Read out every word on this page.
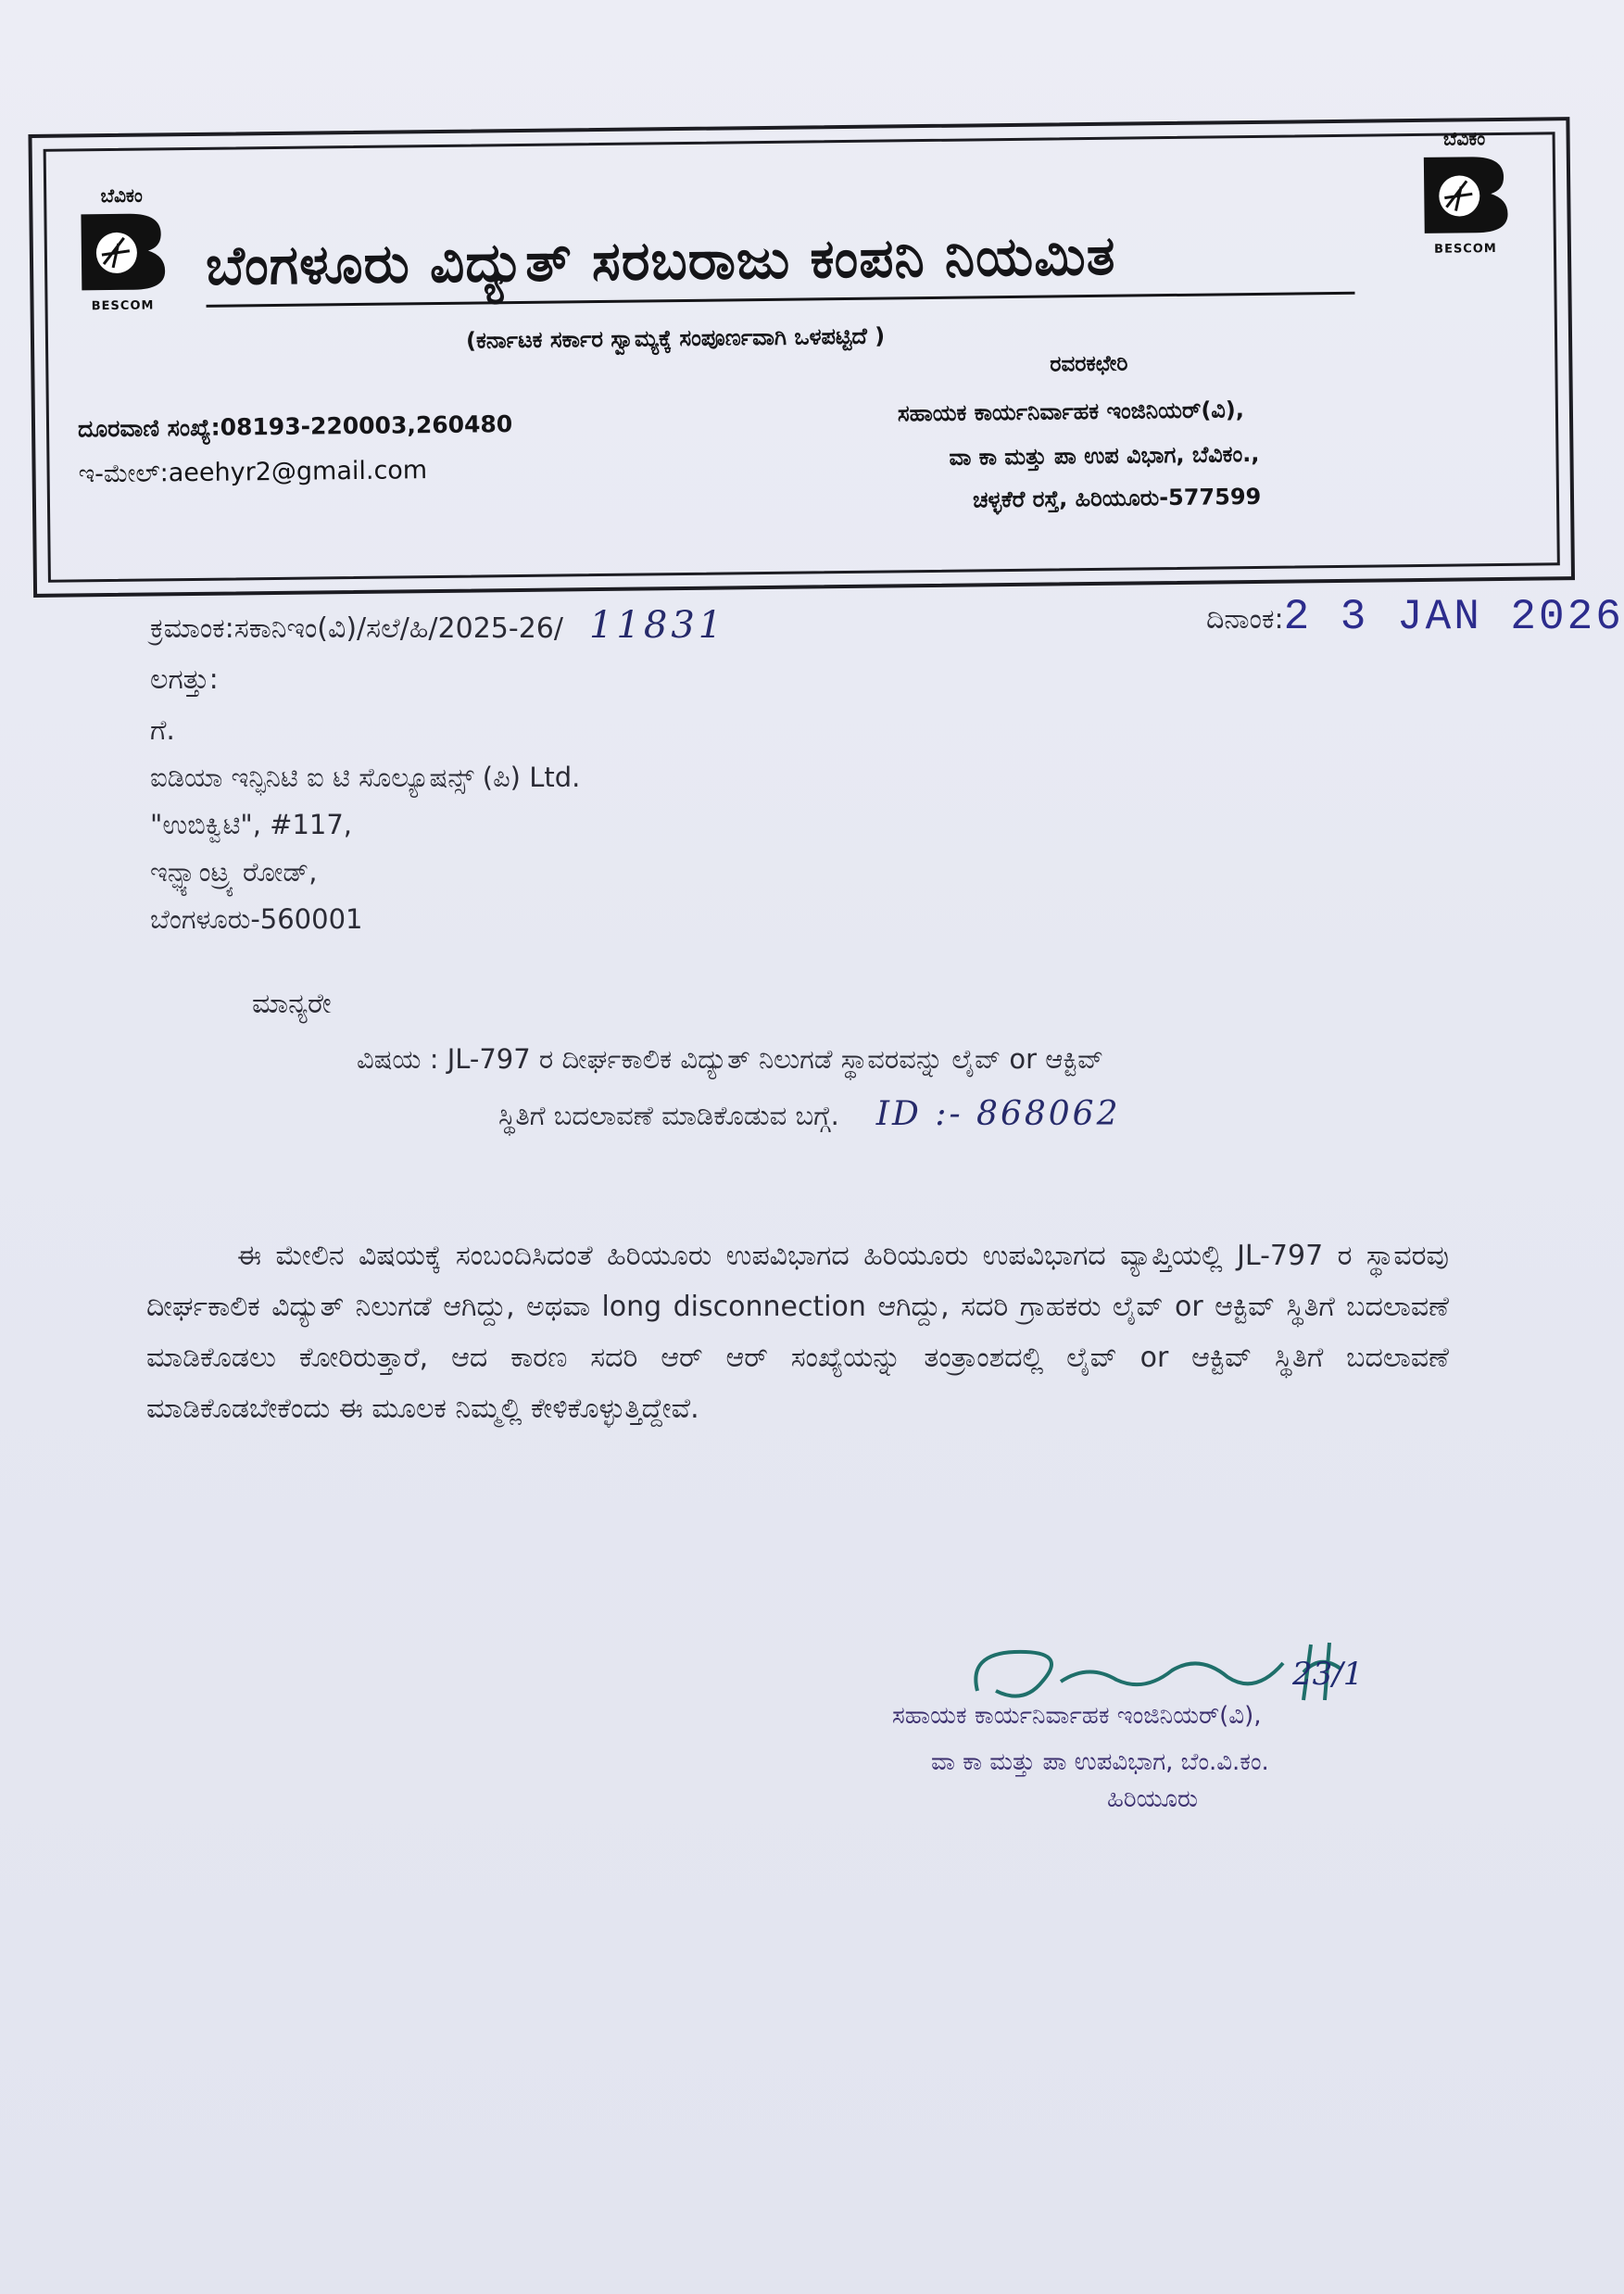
ಬೆವಿಕಂ
BESCOM
ಬೆವಿಕಂ
BESCOM
ಬೆಂಗಳೂರು ವಿದ್ಯುತ್ ಸರಬರಾಜು ಕಂಪನಿ ನಿಯಮಿತ
(ಕರ್ನಾಟಕ ಸರ್ಕಾರ ಸ್ವಾಮ್ಯಕ್ಕೆ ಸಂಪೂರ್ಣವಾಗಿ ಒಳಪಟ್ಟಿದೆ )
ದೂರವಾಣಿ ಸಂಖ್ಯೆ:08193-220003,260480
ಇ-ಮೇಲ್:aeehyr2@gmail.com
ರವರಕಛೇರಿ
ಸಹಾಯಕ ಕಾರ್ಯನಿರ್ವಾಹಕ ಇಂಜಿನಿಯರ್(ವಿ),
ವಾ ಕಾ ಮತ್ತು ಪಾ ಉಪ ವಿಭಾಗ, ಬೆವಿಕಂ.,
ಚಳ್ಳಕೆರೆ ರಸ್ತೆ, ಹಿರಿಯೂರು-577599
ಕ್ರಮಾಂಕ:ಸಕಾನಿಇಂ(ವಿ)/ಸಲೆ/ಹಿ/2025-26/ 11831	ದಿನಾಂಕ:2 3 JAN 2026
ಲಗತ್ತು:
ಗೆ.
ಐಡಿಯಾ ಇನ್ಫಿನಿಟಿ ಐ ಟಿ ಸೊಲ್ಯೂಷನ್ಸ್ (ಪಿ) Ltd.
"ಉಬಿಕ್ವಿಟಿ", #117,
ಇನ್ಫ್ಯಾಂಟ್ರ್ಯ ರೋಡ್,
ಬೆಂಗಳೂರು-560001
ಮಾನ್ಯರೇ
ವಿಷಯ : JL-797 ರ ದೀರ್ಘಕಾಲಿಕ ವಿದ್ಯುತ್ ನಿಲುಗಡೆ ಸ್ಥಾವರವನ್ನು ಲೈವ್ or ಆಕ್ಟಿವ್
ಸ್ಥಿತಿಗೆ ಬದಲಾವಣೆ ಮಾಡಿಕೊಡುವ ಬಗ್ಗೆ. ID :- 868062
ಈ ಮೇಲಿನ ವಿಷಯಕ್ಕೆ ಸಂಬಂದಿಸಿದಂತೆ ಹಿರಿಯೂರು ಉಪವಿಭಾಗದ ಹಿರಿಯೂರು ಉಪವಿಭಾಗದ ವ್ಯಾಪ್ತಿಯಲ್ಲಿ JL-797 ರ ಸ್ಥಾವರವು ದೀರ್ಘಕಾಲಿಕ ವಿದ್ಯುತ್ ನಿಲುಗಡೆ ಆಗಿದ್ದು, ಅಥವಾ long disconnection ಆಗಿದ್ದು, ಸದರಿ ಗ್ರಾಹಕರು ಲೈವ್ or ಆಕ್ಟಿವ್ ಸ್ಥಿತಿಗೆ ಬದಲಾವಣೆ ಮಾಡಿಕೊಡಲು ಕೋರಿರುತ್ತಾರೆ, ಆದ ಕಾರಣ ಸದರಿ ಆರ್ ಆರ್ ಸಂಖ್ಯೆಯನ್ನು ತಂತ್ರಾಂಶದಲ್ಲಿ ಲೈವ್ or ಆಕ್ಟಿವ್ ಸ್ಥಿತಿಗೆ ಬದಲಾವಣೆ ಮಾಡಿಕೊಡಬೇಕೆಂದು ಈ ಮೂಲಕ ನಿಮ್ಮಲ್ಲಿ ಕೇಳಿಕೊಳ್ಳುತ್ತಿದ್ದೇವೆ.
23/1
ಸಹಾಯಕ ಕಾರ್ಯನಿರ್ವಾಹಕ ಇಂಜಿನಿಯರ್(ವಿ),
ವಾ ಕಾ ಮತ್ತು ಪಾ ಉಪವಿಭಾಗ, ಬೆಂ.ವಿ.ಕಂ.
ಹಿರಿಯೂರು
